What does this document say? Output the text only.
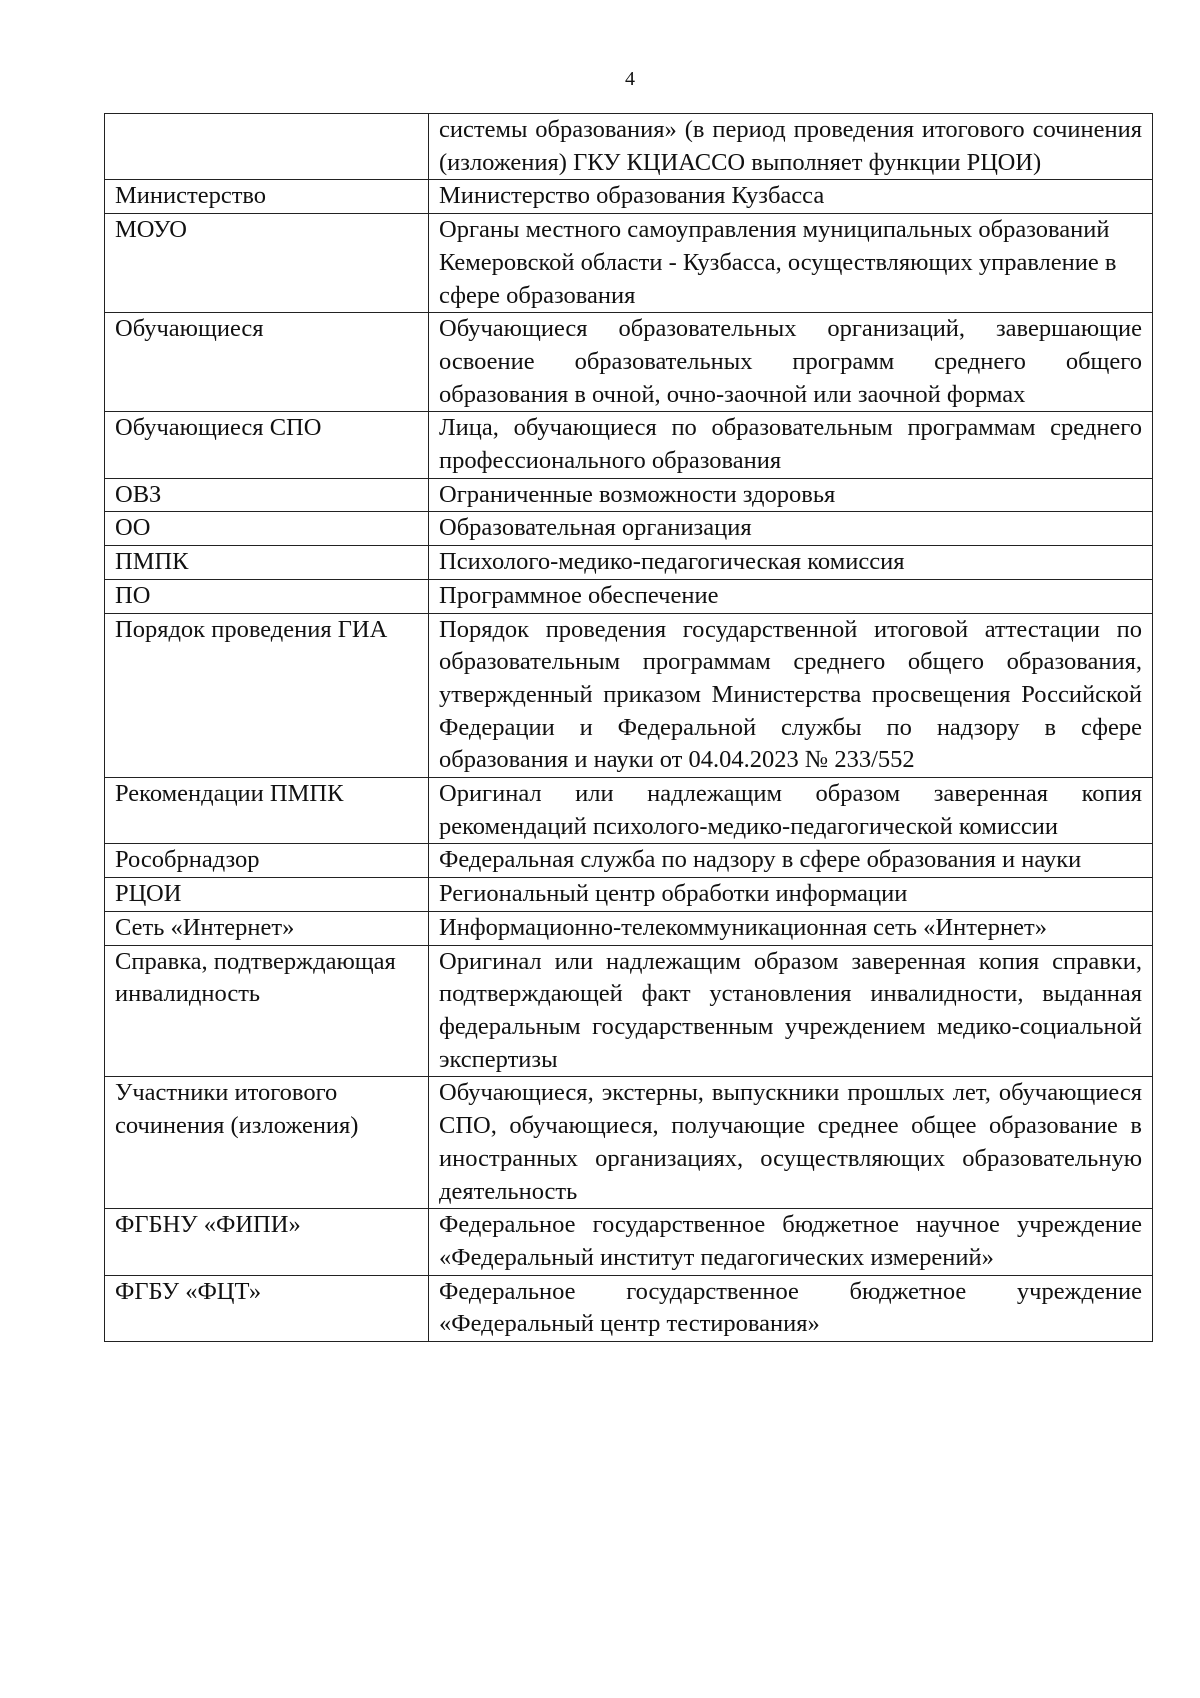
4
	системы образования» (в период проведения итогового сочинения (изложения) ГКУ КЦИАССО выполняет функции РЦОИ)
Министерство	Министерство образования Кузбасса
МОУО	Органы местного самоуправления муниципальных образований Кемеровской области - Кузбасса, осуществляющих управление в сфере образования
Обучающиеся	Обучающиеся образовательных организаций, завершающие освоение образовательных программ среднего общего образования в очной, очно-заочной или заочной формах
Обучающиеся СПО	Лица, обучающиеся по образовательным программам среднего профессионального образования
ОВЗ	Ограниченные возможности здоровья
ОО	Образовательная организация
ПМПК	Психолого-медико-педагогическая комиссия
ПО	Программное обеспечение
Порядок проведения ГИА	Порядок проведения государственной итоговой аттестации по образовательным программам среднего общего образования, утвержденный приказом Министерства просвещения Российской Федерации и Федеральной службы по надзору в сфере образования и науки от 04.04.2023 № 233/552
Рекомендации ПМПК	Оригинал или надлежащим образом заверенная копия рекомендаций психолого-медико-педагогической комиссии
Рособрнадзор	Федеральная служба по надзору в сфере образования и науки
РЦОИ	Региональный центр обработки информации
Сеть «Интернет»	Информационно-телекоммуникационная сеть «Интернет»
Справка, подтверждающая инвалидность	Оригинал или надлежащим образом заверенная копия справки, подтверждающей факт установления инвалидности, выданная федеральным государственным учреждением медико-социальной экспертизы
Участники итогового сочинения (изложения)	Обучающиеся, экстерны, выпускники прошлых лет, обучающиеся СПО, обучающиеся, получающие среднее общее образование в иностранных организациях, осуществляющих образовательную деятельность
ФГБНУ «ФИПИ»	Федеральное государственное бюджетное научное учреждение «Федеральный институт педагогических измерений»
ФГБУ «ФЦТ»	Федеральное государственное бюджетное учреждение «Федеральный центр тестирования»
